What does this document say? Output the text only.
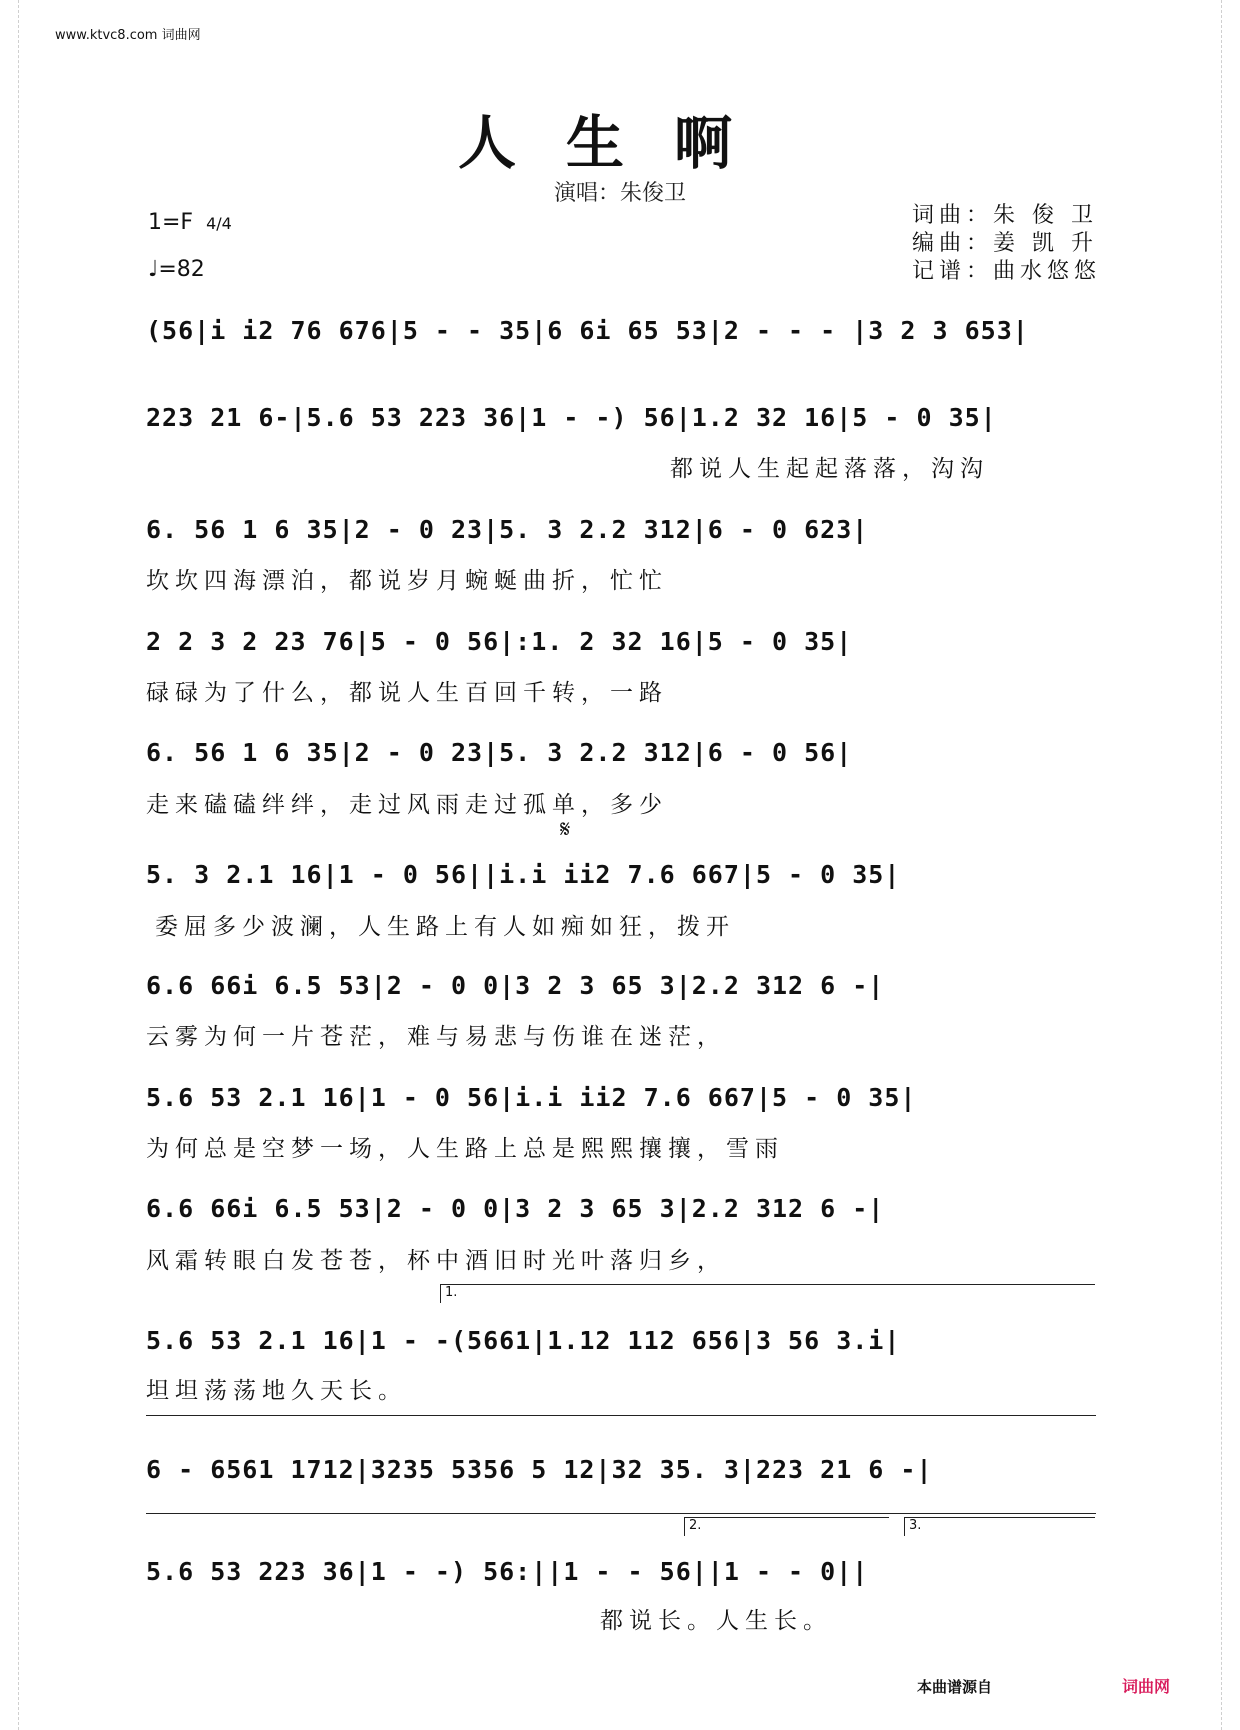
www.ktvc8.com 词曲网
人生啊
演唱：朱俊卫
1=F 4/4
♩=82
词曲：朱 俊 卫
编曲：姜 凯 升
记谱：曲水悠悠
(56|i i2 76 676|5 - - 35|6 6i 65 53|2 - - - |3 2 3 653|
223 21 6-|5.6 53 223 36|1 - -) 56|1.2 32 16|5 - 0 35|
都说人生起起落落，沟沟
6. 56 1 6 35|2 - 0 23|5. 3 2.2 312|6 - 0 623|
坎坎四海漂泊，都说岁月蜿蜒曲折，忙忙
2 2 3 2 23 76|5 - 0 56|:1. 2 32 16|5 - 0 35|
碌碌为了什么，都说人生百回千转，一路
6. 56 1 6 35|2 - 0 23|5. 3 2.2 312|6 - 0 56|
走来磕磕绊绊，走过风雨走过孤单，多少
𝄋
5. 3 2.1 16|1 - 0 56||i.i ii2 7.6 667|5 - 0 35|
委屈多少波澜，人生路上有人如痴如狂，拨开
6.6 66i 6.5 53|2 - 0 0|3 2 3 65 3|2.2 312 6 -|
云雾为何一片苍茫，难与易悲与伤谁在迷茫，
5.6 53 2.1 16|1 - 0 56|i.i ii2 7.6 667|5 - 0 35|
为何总是空梦一场，人生路上总是熙熙攘攘，雪雨
6.6 66i 6.5 53|2 - 0 0|3 2 3 65 3|2.2 312 6 -|
风霜转眼白发苍苍，杯中酒旧时光叶落归乡，
1.
5.6 53 2.1 16|1 - -(5661|1.12 112 656|3 56 3.i|
坦坦荡荡地久天长。
6 - 6561 1712|3235 5356 5 12|32 35. 3|223 21 6 -|
2.	3.
5.6 53 223 36|1 - -) 56:||1 - - 56||1 - - 0||
都说长。人生长。
本曲谱源自	词曲网
